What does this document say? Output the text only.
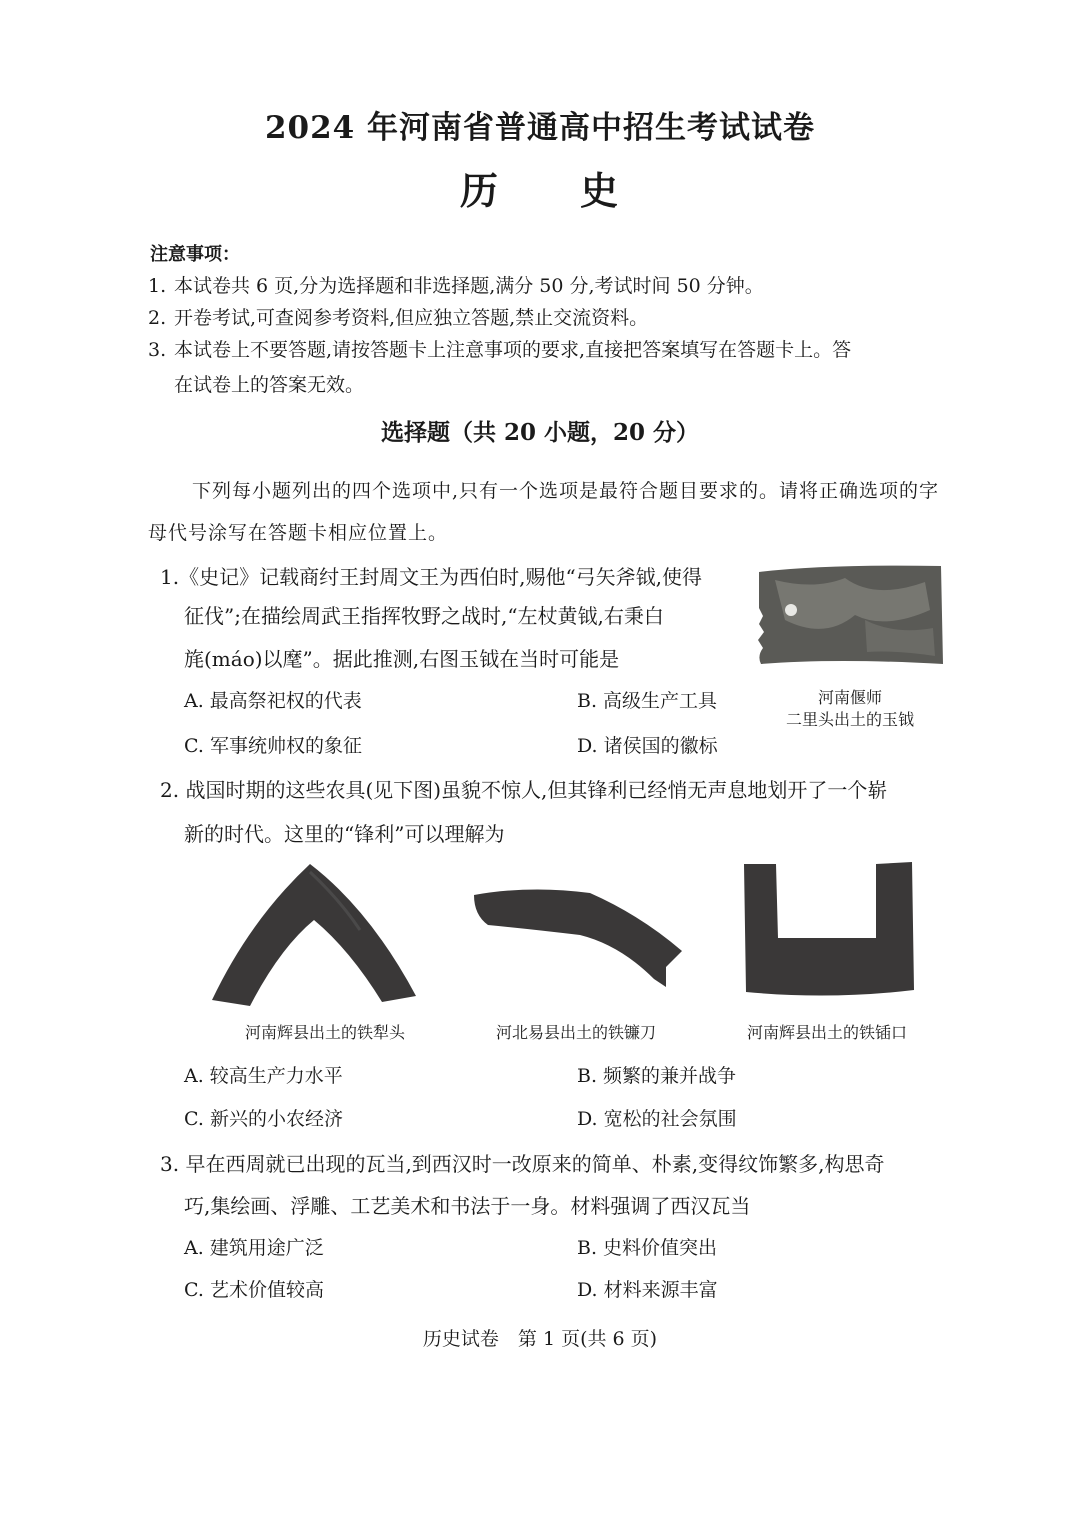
2024 年河南省普通高中招生考试试卷
历　　史
注意事项：
1. 本试卷共 6 页,分为选择题和非选择题,满分 50 分,考试时间 50 分钟。
2. 开卷考试,可查阅参考资料,但应独立答题,禁止交流资料。
3. 本试卷上不要答题,请按答题卡上注意事项的要求,直接把答案填写在答题卡上。答
在试卷上的答案无效。
选择题（共 20 小题，20 分）
下列每小题列出的四个选项中,只有一个选项是最符合题目要求的。请将正确选项的字母代号涂写在答题卡相应位置上。
1.《史记》记载商纣王封周文王为西伯时,赐他“弓矢斧钺,使得
征伐”;在描绘周武王指挥牧野之战时,“左杖黄钺,右秉白
旄(máo)以麾”。据此推测,右图玉钺在当时可能是
A. 最高祭祀权的代表	B. 高级生产工具
C. 军事统帅权的象征	D. 诸侯国的徽标
河南偃师
二里头出土的玉钺
2. 战国时期的这些农具(见下图)虽貌不惊人,但其锋利已经悄无声息地划开了一个崭
新的时代。这里的“锋利”可以理解为
河南辉县出土的铁犁头	河北易县出土的铁镰刀	河南辉县出土的铁锸口
A. 较高生产力水平	B. 频繁的兼并战争
C. 新兴的小农经济	D. 宽松的社会氛围
3. 早在西周就已出现的瓦当,到西汉时一改原来的简单、朴素,变得纹饰繁多,构思奇
巧,集绘画、浮雕、工艺美术和书法于一身。材料强调了西汉瓦当
A. 建筑用途广泛	B. 史料价值突出
C. 艺术价值较高	D. 材料来源丰富
历史试卷　第 1 页(共 6 页)
